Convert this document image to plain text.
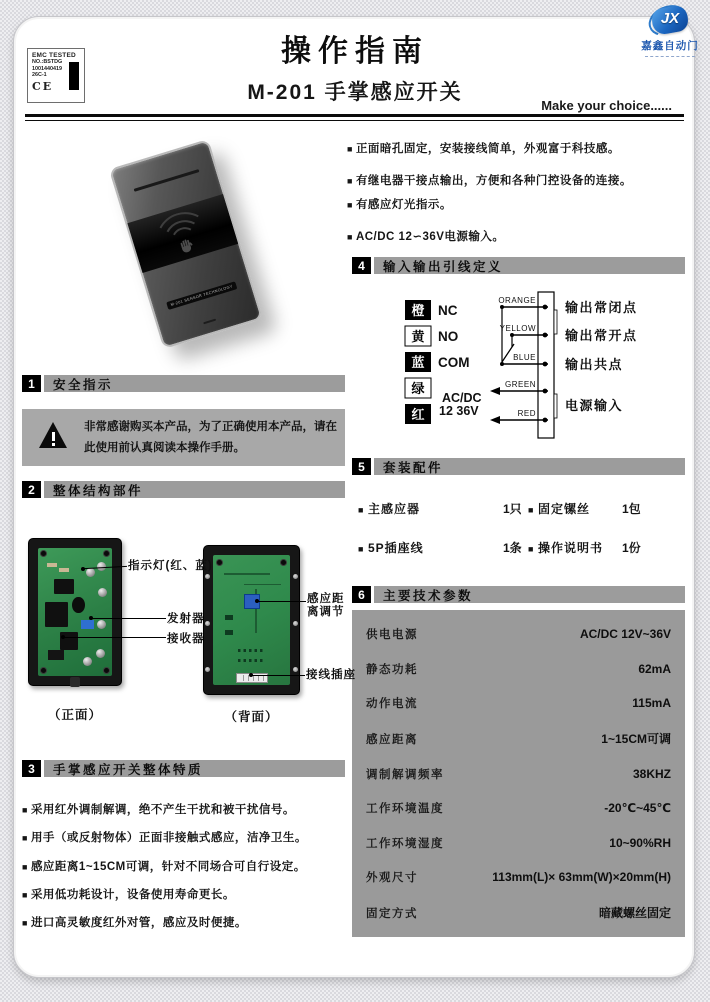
EMC TESTED
NO.:BSTDG
1001440419
26C-1
CE
操作指南
M-201 手掌感应开关
Make your choice......
JX
嘉鑫自动门
M-201 SENSOR TECHNOLOGY
■ 正面暗孔固定，安装接线简单，外观富于科技感。
■ 有继电器干接点输出，方便和各种门控设备的连接。
■ 有感应灯光指示。
■ AC/DC 12∽36V电源输入。
4	输入输出引线定义
橙
黄
蓝
绿
红
NC
NO
COM
AC/DC
12 36V
ORANGE
YELLOW
BLUE
GREEN
RED
输出常闭点
输出常开点
输出共点
电源输入
5	套装配件
■ 主感应器	1只	■ 固定镙丝	1包
■ 5P插座线	1条	■ 操作说明书 1份
6	主要技术参数
供电电源	AC/DC 12V~36V
静态功耗	62mA
动作电流	115mA
感应距离	1~15CM可调
调制解调频率	38KHZ
工作环境温度	-20℃~45℃
工作环境湿度	10~90%RH
外观尺寸	113mm(L)× 63mm(W)×20mm(H)
固定方式	暗藏螺丝固定
1	安全指示
非常感谢购买本产品，为了正确使用本产品，请在此使用前认真阅读本操作手册。
2	整体结构部件
指示灯(红、蓝)
发射器
接收器
感应距
离调节
接线插座
（正面）	（背面）
3	手掌感应开关整体特质
■ 采用红外调制解调，绝不产生干扰和被干扰信号。
■ 用手（或反射物体）正面非接触式感应，洁净卫生。
■ 感应距离1~15CM可调，针对不同场合可自行设定。
■ 采用低功耗设计，设备使用寿命更长。
■ 进口高灵敏度红外对管，感应及时便捷。
